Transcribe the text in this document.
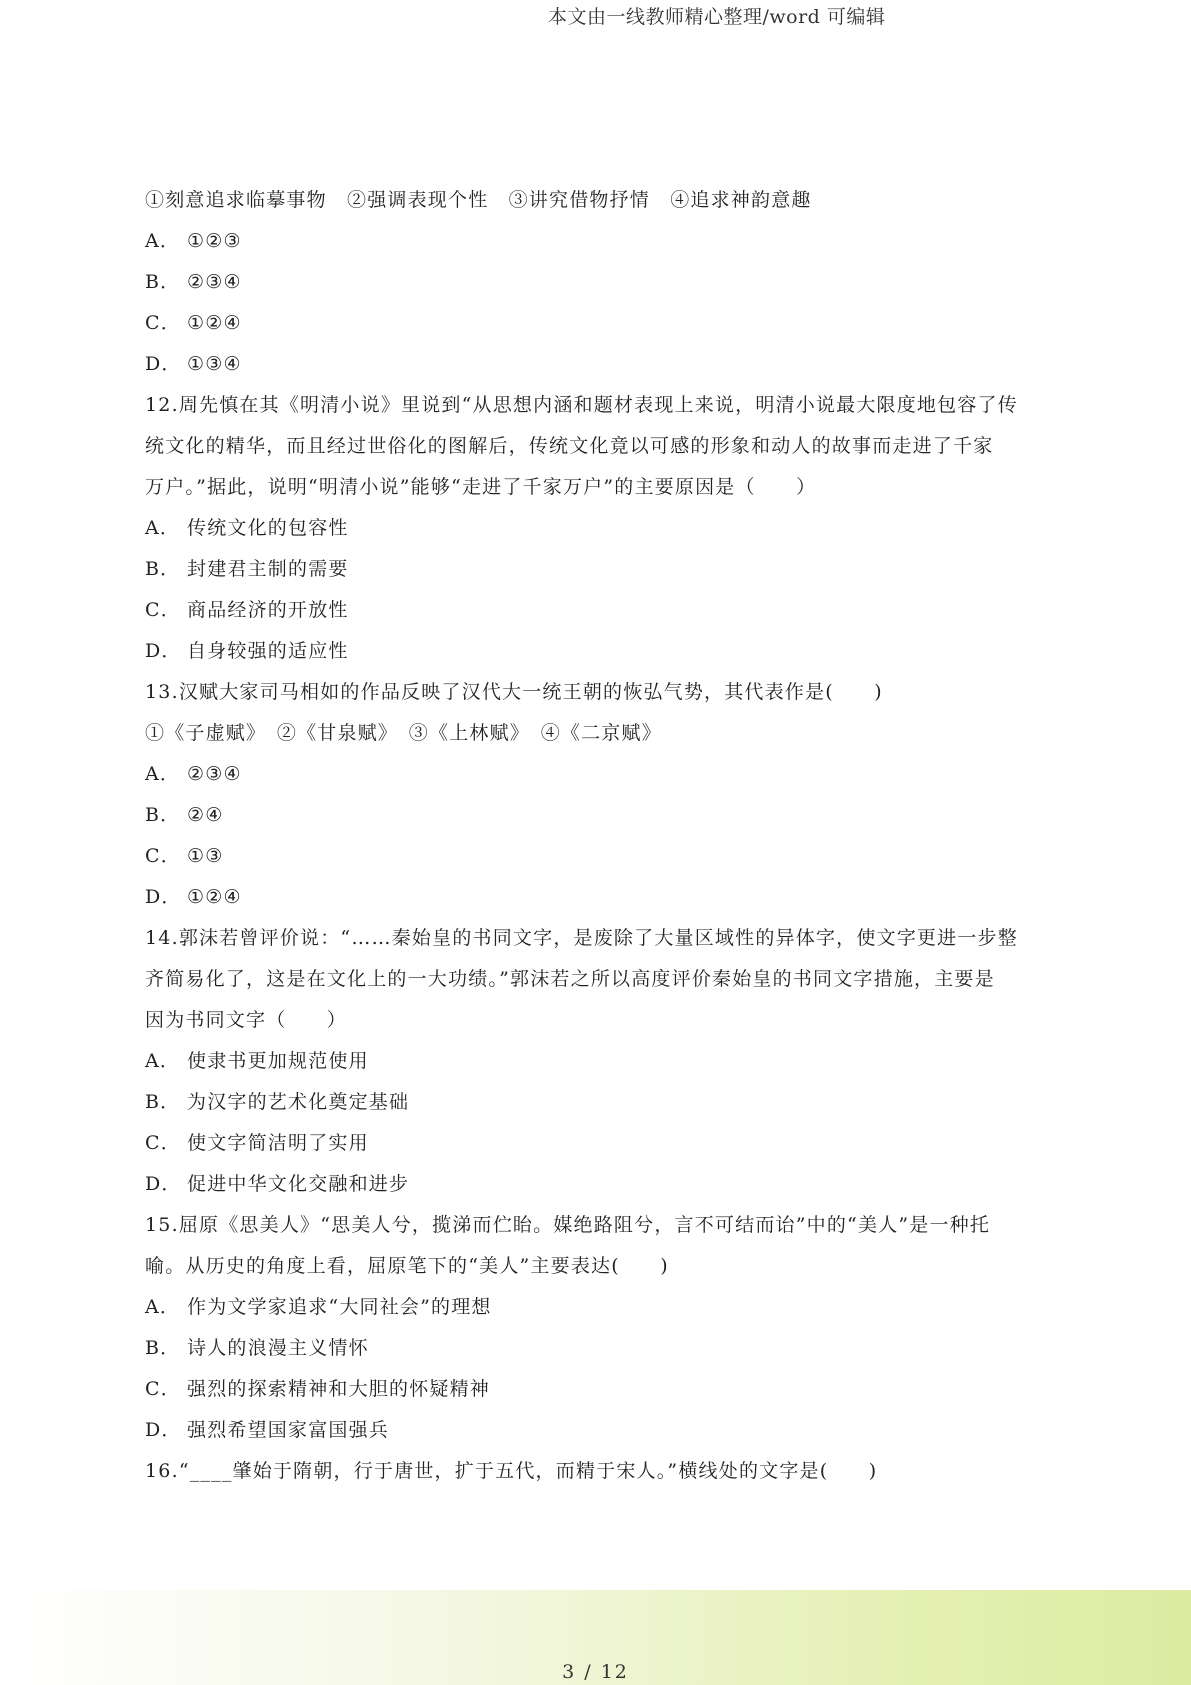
本文由一线教师精心整理/word 可编辑
①刻意追求临摹事物　②强调表现个性　③讲究借物抒情　④追求神韵意趣
A． ①②③
B． ②③④
C． ①②④
D． ①③④
12.周先慎在其《明清小说》里说到“从思想内涵和题材表现上来说，明清小说最大限度地包容了传
统文化的精华，而且经过世俗化的图解后，传统文化竟以可感的形象和动人的故事而走进了千家
万户。”据此，说明“明清小说”能够“走进了千家万户”的主要原因是（　　）
A． 传统文化的包容性
B． 封建君主制的需要
C． 商品经济的开放性
D． 自身较强的适应性
13.汉赋大家司马相如的作品反映了汉代大一统王朝的恢弘气势，其代表作是(　　)
①《子虚赋》　②《甘泉赋》　③《上林赋》　④《二京赋》
A． ②③④
B． ②④
C． ①③
D． ①②④
14.郭沫若曾评价说：“……秦始皇的书同文字，是废除了大量区域性的异体字，使文字更进一步整
齐简易化了，这是在文化上的一大功绩。”郭沫若之所以高度评价秦始皇的书同文字措施，主要是
因为书同文字（　　）
A． 使隶书更加规范使用
B． 为汉字的艺术化奠定基础
C． 使文字简洁明了实用
D． 促进中华文化交融和进步
15.屈原《思美人》“思美人兮，揽涕而伫眙。媒绝路阻兮，言不可结而诒”中的“美人”是一种托
喻。从历史的角度上看，屈原笔下的“美人”主要表达(　　)
A． 作为文学家追求“大同社会”的理想
B． 诗人的浪漫主义情怀
C． 强烈的探索精神和大胆的怀疑精神
D． 强烈希望国家富国强兵
16.“____肇始于隋朝，行于唐世，扩于五代，而精于宋人。”横线处的文字是(　　)
3 / 12
